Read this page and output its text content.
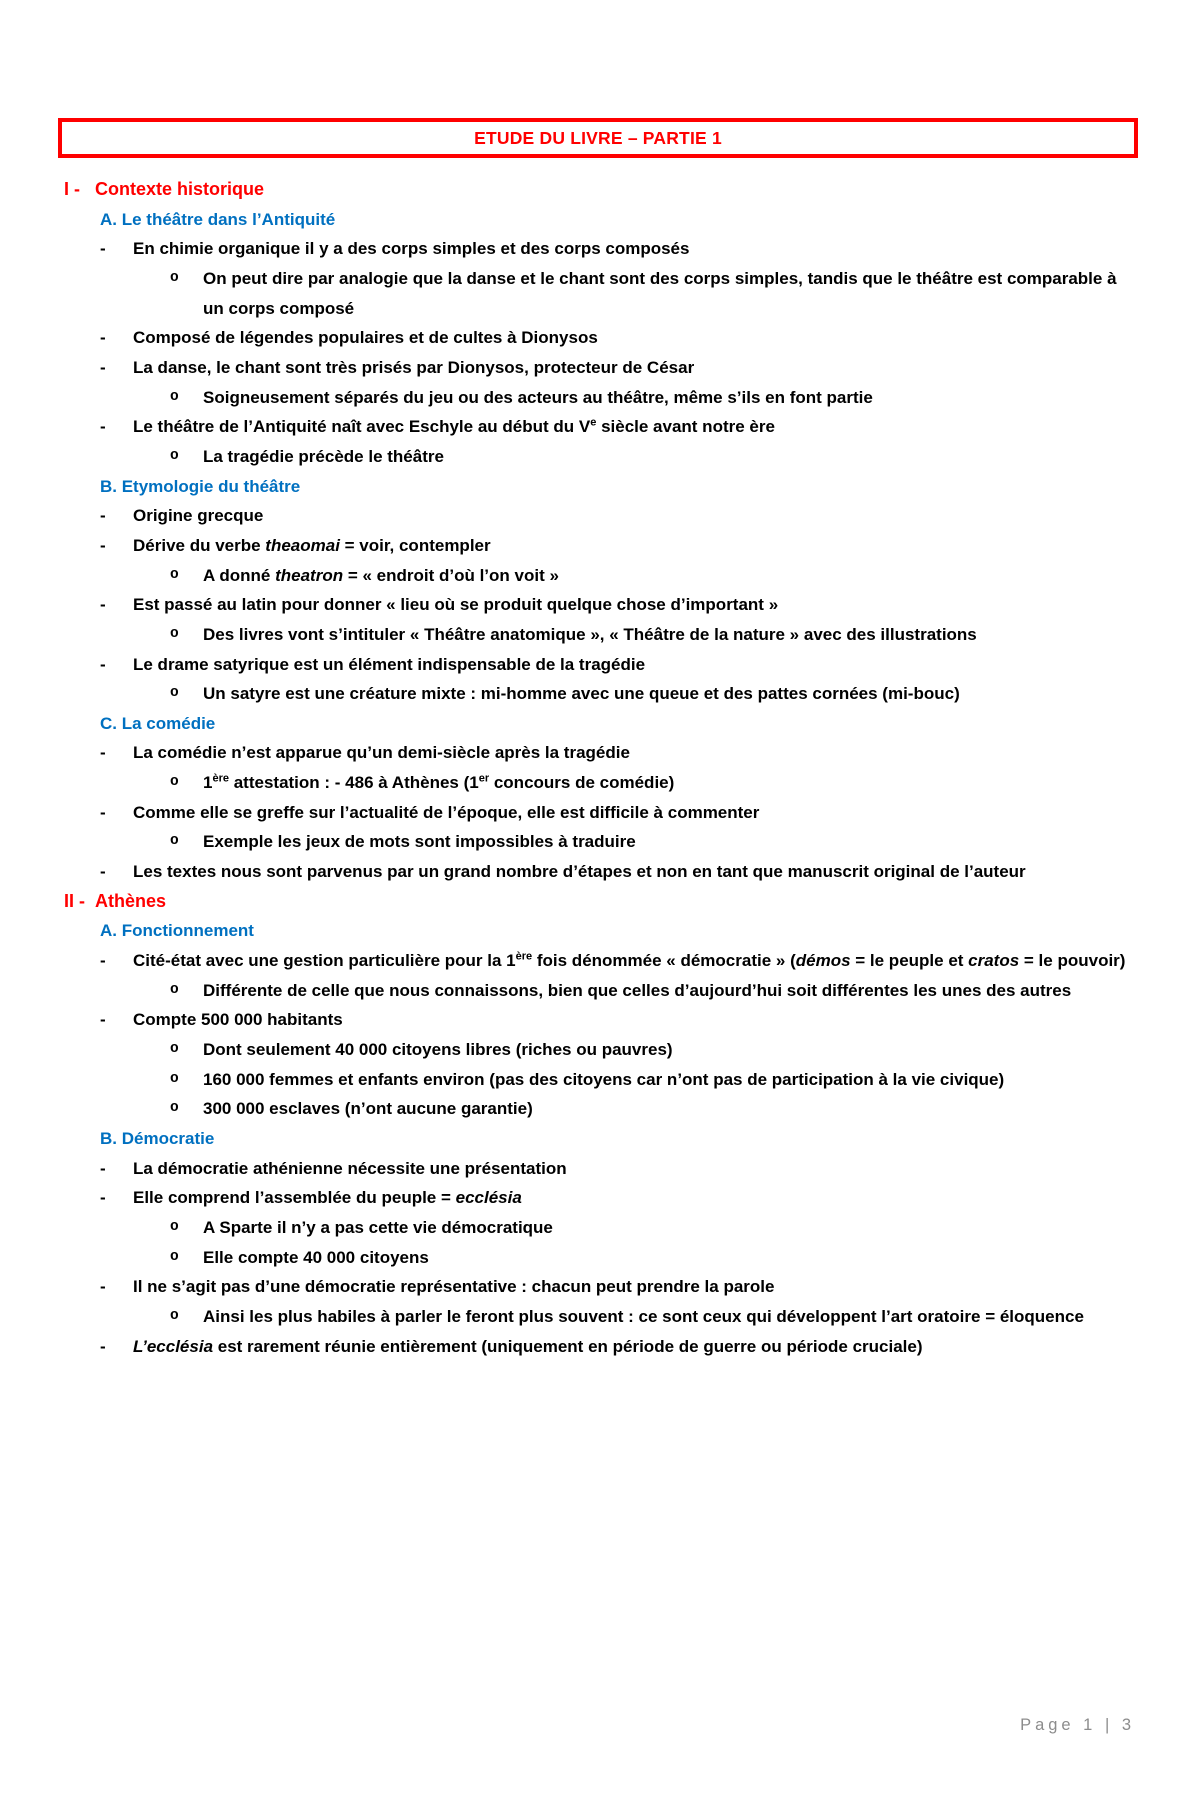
ETUDE DU LIVRE – PARTIE 1
I - Contexte historique
A. Le théâtre dans l’Antiquité
- En chimie organique il y a des corps simples et des corps composés
o On peut dire par analogie que la danse et le chant sont des corps simples, tandis que le théâtre est comparable à un corps composé
- Composé de légendes populaires et de cultes à Dionysos
- La danse, le chant sont très prisés par Dionysos, protecteur de César
o Soigneusement séparés du jeu ou des acteurs au théâtre, même s’ils en font partie
- Le théâtre de l’Antiquité naît avec Eschyle au début du Ve siècle avant notre ère
o La tragédie précède le théâtre
B. Etymologie du théâtre
- Origine grecque
- Dérive du verbe theaomai = voir, contempler
o A donné theatron = « endroit d’où l’on voit »
- Est passé au latin pour donner « lieu où se produit quelque chose d’important »
o Des livres vont s’intituler « Théâtre anatomique », « Théâtre de la nature » avec des illustrations
- Le drame satyrique est un élément indispensable de la tragédie
o Un satyre est une créature mixte : mi-homme avec une queue et des pattes cornées (mi-bouc)
C. La comédie
- La comédie n’est apparue qu’un demi-siècle après la tragédie
o 1ère attestation : - 486 à Athènes (1er concours de comédie)
- Comme elle se greffe sur l’actualité de l’époque, elle est difficile à commenter
o Exemple les jeux de mots sont impossibles à traduire
- Les textes nous sont parvenus par un grand nombre d’étapes et non en tant que manuscrit original de l’auteur
II - Athènes
A. Fonctionnement
- Cité-état avec une gestion particulière pour la 1ère fois dénommée « démocratie » (démos = le peuple et cratos = le pouvoir)
o Différente de celle que nous connaissons, bien que celles d’aujourd’hui soit différentes les unes des autres
- Compte 500 000 habitants
o Dont seulement 40 000 citoyens libres (riches ou pauvres)
o 160 000 femmes et enfants environ (pas des citoyens car n’ont pas de participation à la vie civique)
o 300 000 esclaves (n’ont aucune garantie)
B. Démocratie
- La démocratie athénienne nécessite une présentation
- Elle comprend l’assemblée du peuple = ecclésia
o A Sparte il n’y a pas cette vie démocratique
o Elle compte 40 000 citoyens
- Il ne s’agit pas d’une démocratie représentative : chacun peut prendre la parole
o Ainsi les plus habiles à parler le feront plus souvent : ce sont ceux qui développent l’art oratoire = éloquence
- L’ecclésia est rarement réunie entièrement (uniquement en période de guerre ou période cruciale)
Page 1 | 3
